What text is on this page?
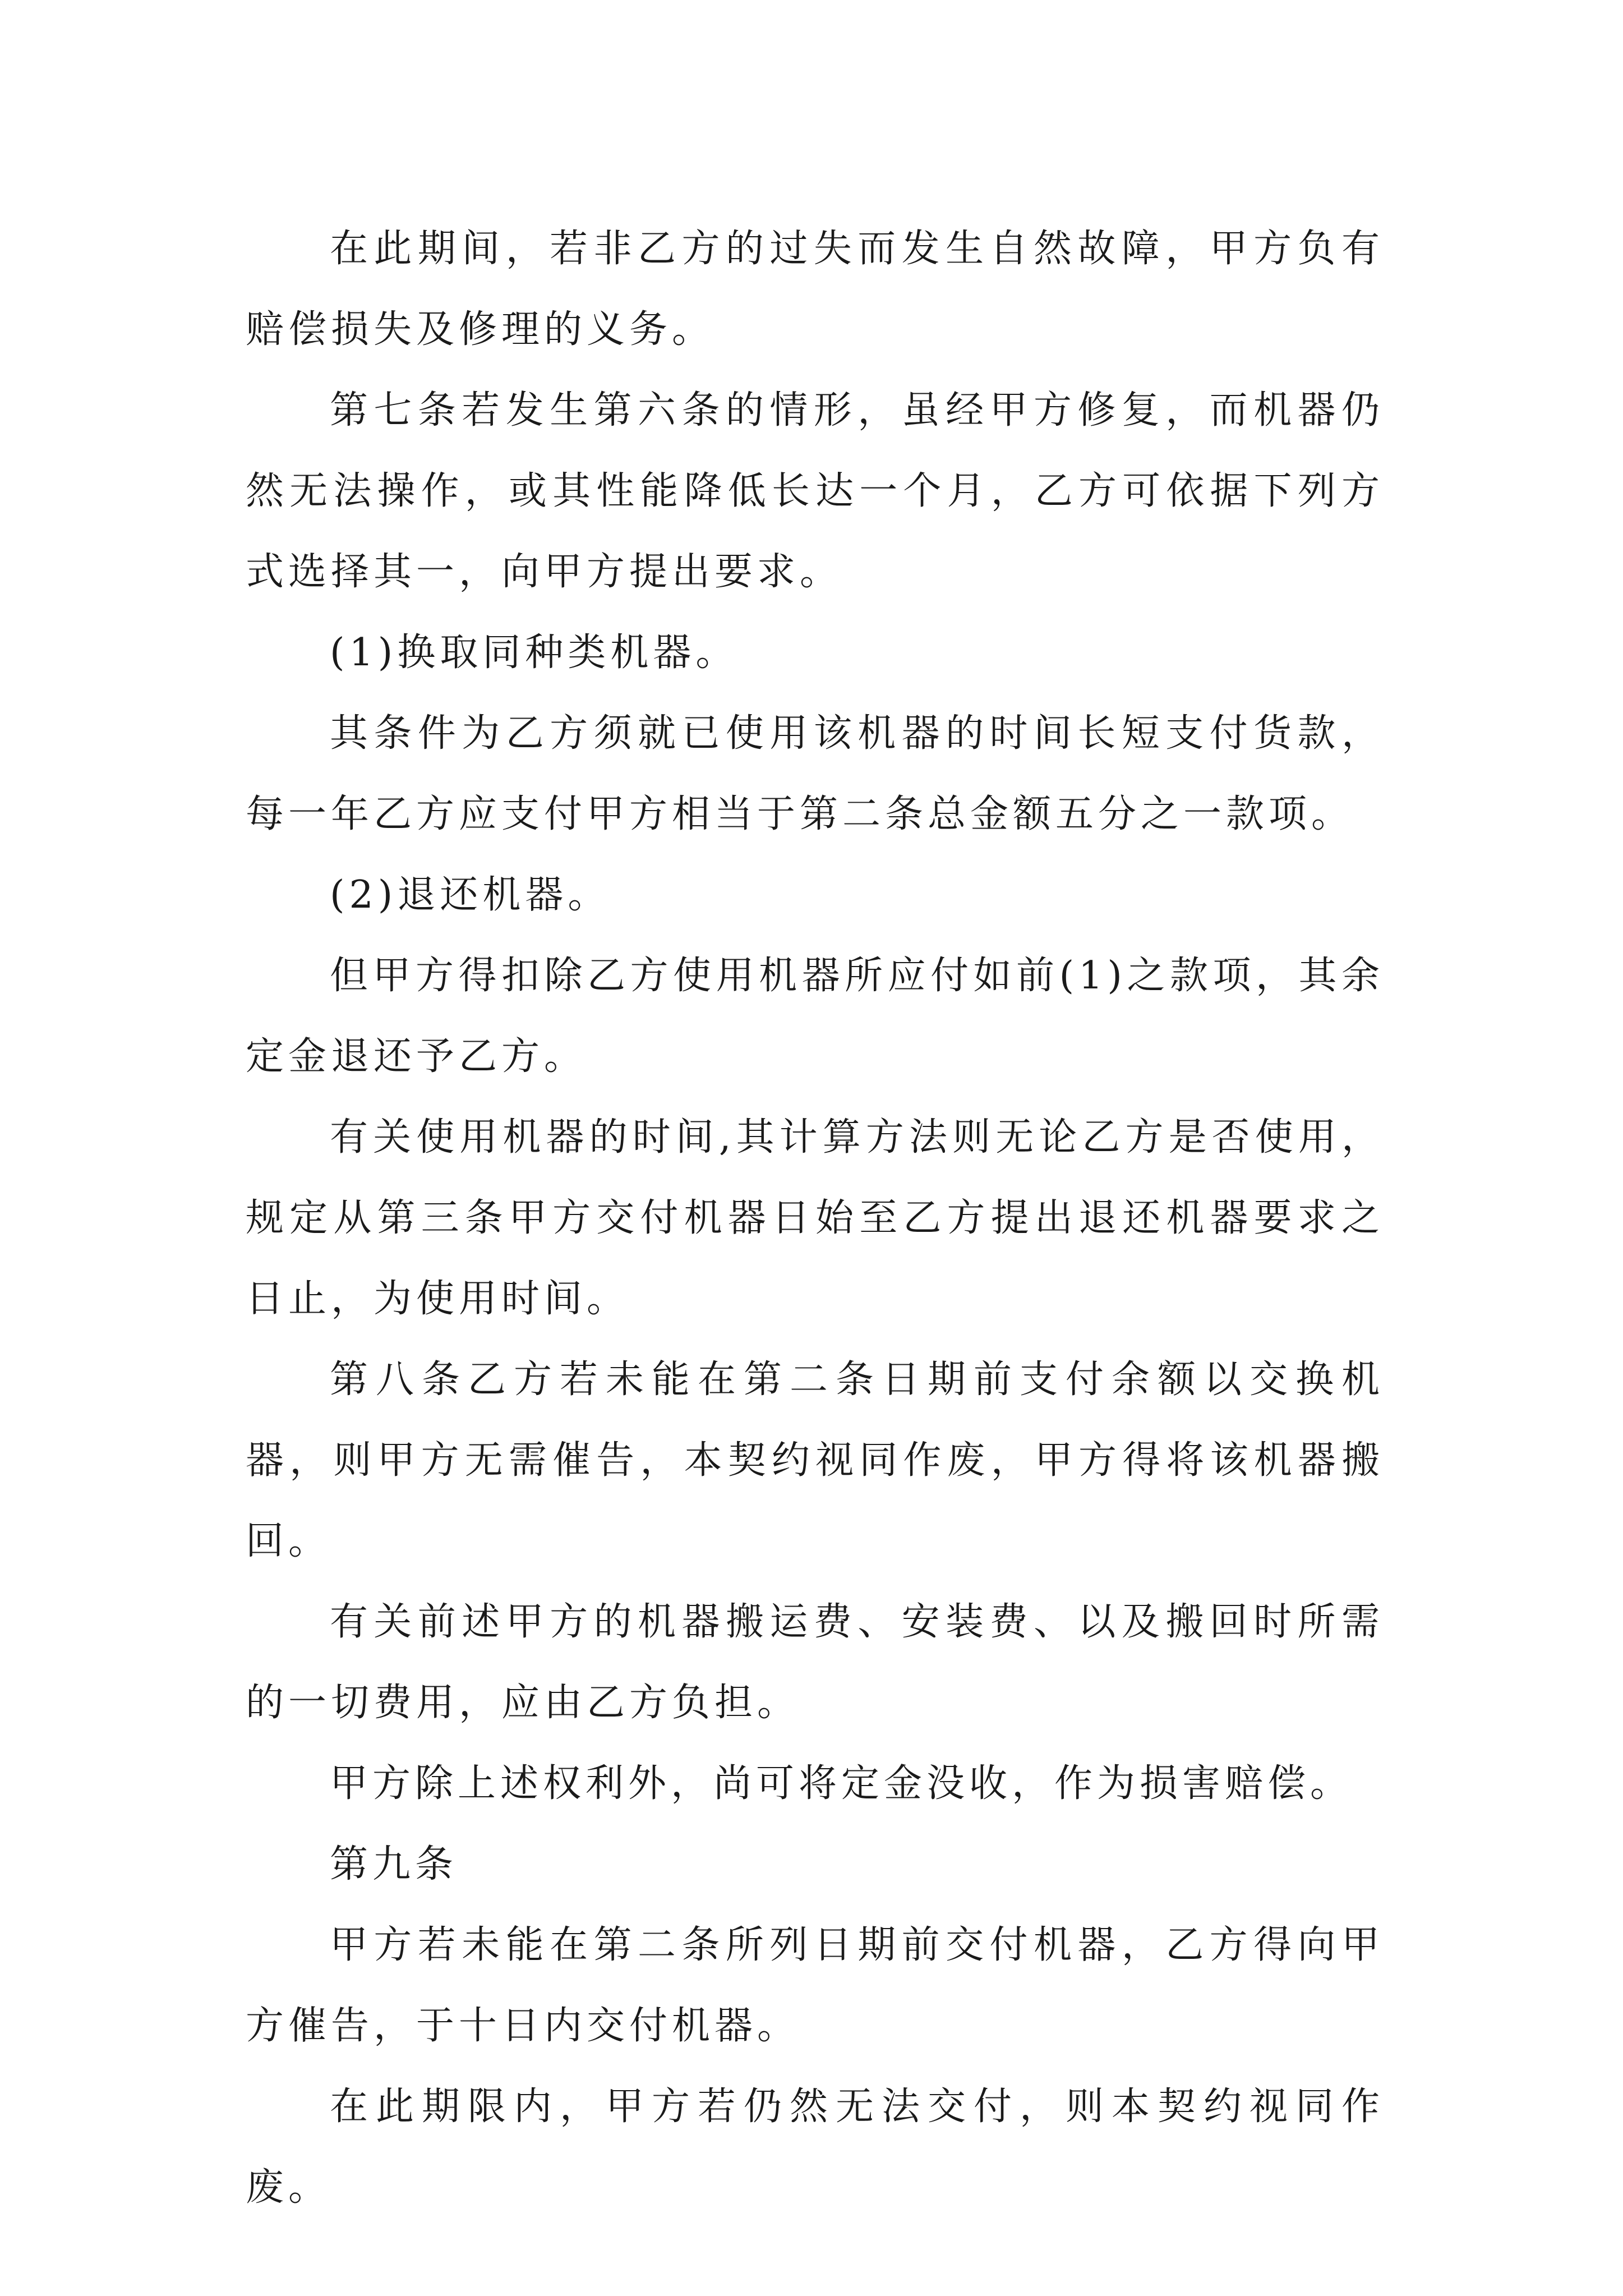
在此期间，若非乙方的过失而发生自然故障，甲方负有赔偿损失及修理的义务。

第七条若发生第六条的情形，虽经甲方修复，而机器仍然无法操作，或其性能降低长达一个月，乙方可依据下列方式选择其一，向甲方提出要求。

(1)换取同种类机器。

其条件为乙方须就已使用该机器的时间长短支付货款，每一年乙方应支付甲方相当于第二条总金额五分之一款项。

(2)退还机器。

但甲方得扣除乙方使用机器所应付如前(1)之款项，其余定金退还予乙方。

有关使用机器的时间,其计算方法则无论乙方是否使用，规定从第三条甲方交付机器日始至乙方提出退还机器要求之日止，为使用时间。

第八条乙方若未能在第二条日期前支付余额以交换机器，则甲方无需催告，本契约视同作废，甲方得将该机器搬回。

有关前述甲方的机器搬运费、安装费、以及搬回时所需的一切费用，应由乙方负担。

甲方除上述权利外，尚可将定金没收，作为损害赔偿。

第九条

甲方若未能在第二条所列日期前交付机器，乙方得向甲方催告，于十日内交付机器。

在此期限内，甲方若仍然无法交付，则本契约视同作废。
